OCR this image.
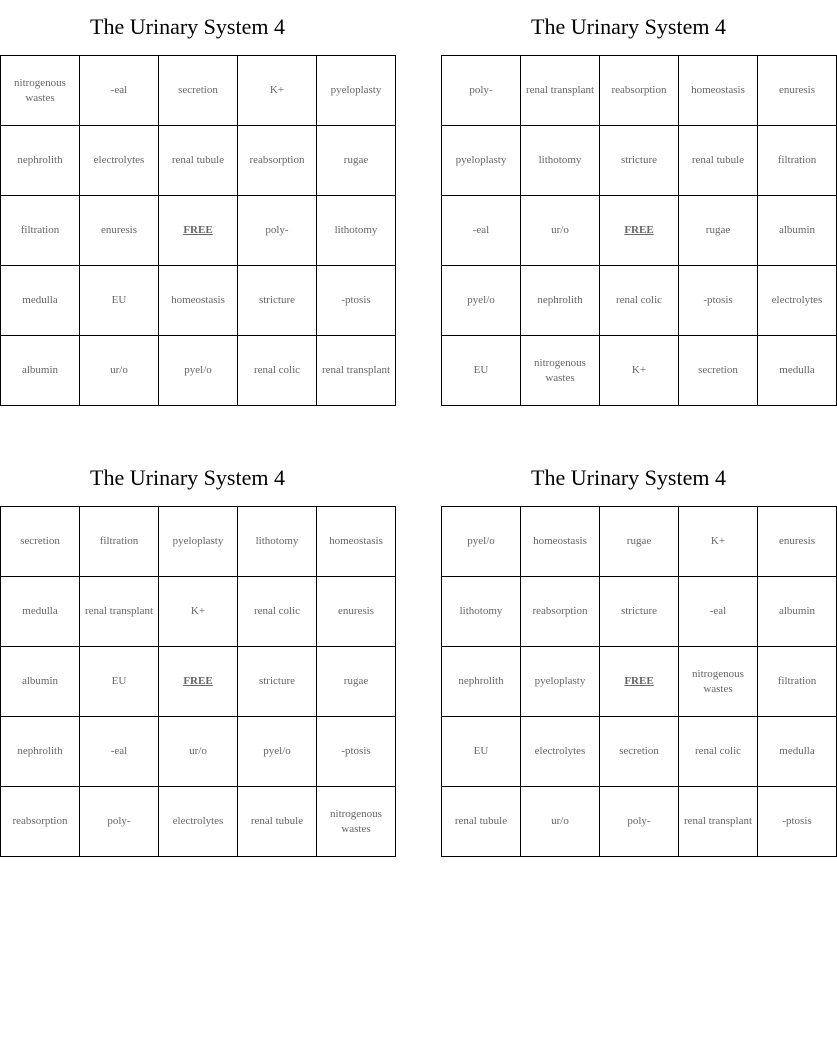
The Urinary System 4
nitrogenous wastes	-eal	secretion	K+	pyeloplasty
nephrolith	electrolytes	renal tubule	reabsorption	rugae
filtration	enuresis	FREE	poly-	lithotomy
medulla	EU	homeostasis	stricture	-ptosis
albumin	ur/o	pyel/o	renal colic	renal transplant
The Urinary System 4
poly-	renal transplant	reabsorption	homeostasis	enuresis
pyeloplasty	lithotomy	stricture	renal tubule	filtration
-eal	ur/o	FREE	rugae	albumin
pyel/o	nephrolith	renal colic	-ptosis	electrolytes
EU	nitrogenous wastes	K+	secretion	medulla
The Urinary System 4
secretion	filtration	pyeloplasty	lithotomy	homeostasis
medulla	renal transplant	K+	renal colic	enuresis
albumin	EU	FREE	stricture	rugae
nephrolith	-eal	ur/o	pyel/o	-ptosis
reabsorption	poly-	electrolytes	renal tubule	nitrogenous wastes
The Urinary System 4
pyel/o	homeostasis	rugae	K+	enuresis
lithotomy	reabsorption	stricture	-eal	albumin
nephrolith	pyeloplasty	FREE	nitrogenous wastes	filtration
EU	electrolytes	secretion	renal colic	medulla
renal tubule	ur/o	poly-	renal transplant	-ptosis
